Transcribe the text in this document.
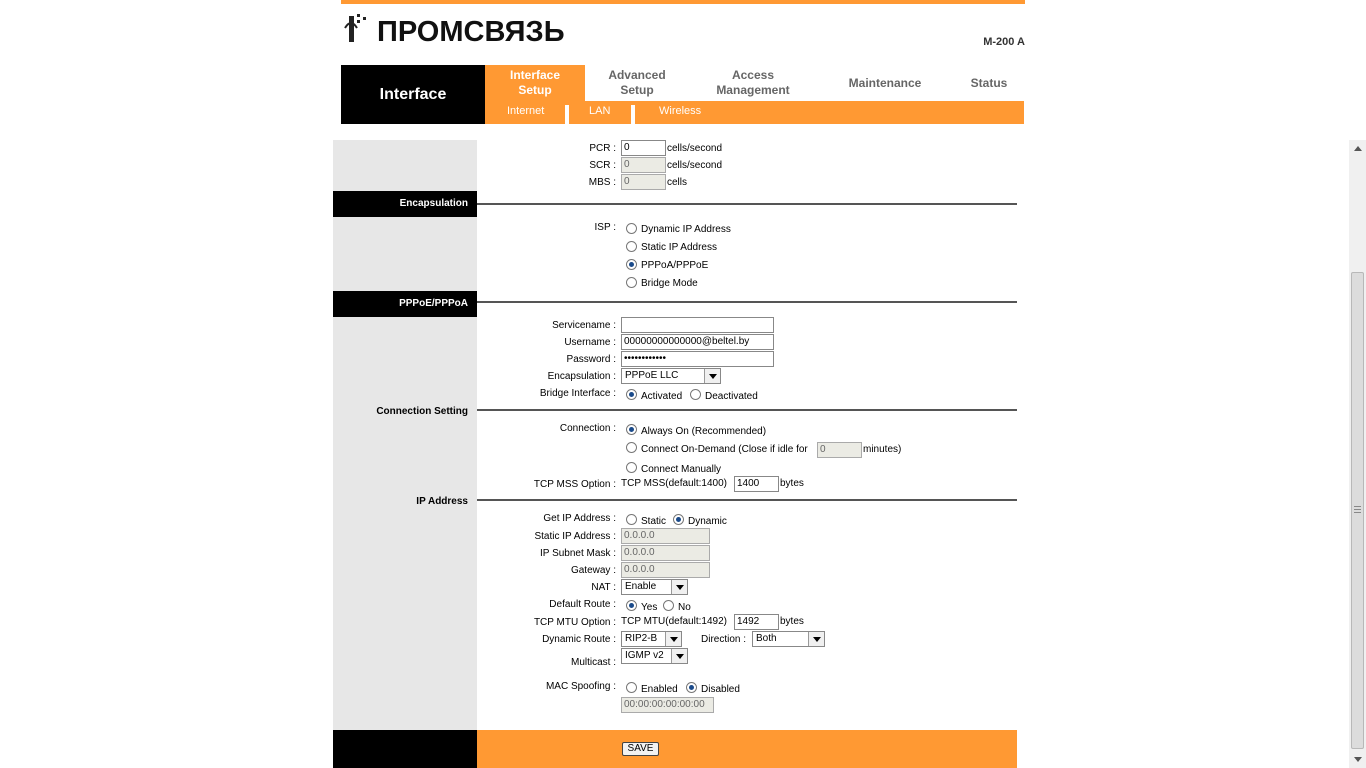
ПРОМСВЯЗЬ	M-200 A
Interface
Interface
Setup
Advanced
Setup
Access
Management
Maintenance	Status
Internet	LAN	Wireless
PCR : 0	cells/second
SCR : 0	cells/second
MBS : 0	cells
Encapsulation
ISP :	Dynamic IP Address
Static IP Address
PPPoA/PPPoE
Bridge Mode
PPPoE/PPPoA
Servicename :
Username : 00000000000000@beltel.by
Password : ••••••••••••
Encapsulation : PPPoE LLC
Bridge Interface :	Activated Deactivated
Connection Setting
Connection :	Always On (Recommended)
Connect On-Demand (Close if idle for	0	minutes)
Connect Manually
TCP MSS Option : TCP MSS(default:1400)	1400	bytes
IP Address
Get IP Address :	Static Dynamic
Static IP Address : 0.0.0.0
IP Subnet Mask : 0.0.0.0
Gateway : 0.0.0.0
NAT : Enable
Default Route :	Yes No
TCP MTU Option : TCP MTU(default:1492)	1492	bytes
Dynamic Route : RIP2-B	Direction : Both
Multicast :
IGMP v2
MAC Spoofing :	Enabled Disabled
00:00:00:00:00:00
SAVE
